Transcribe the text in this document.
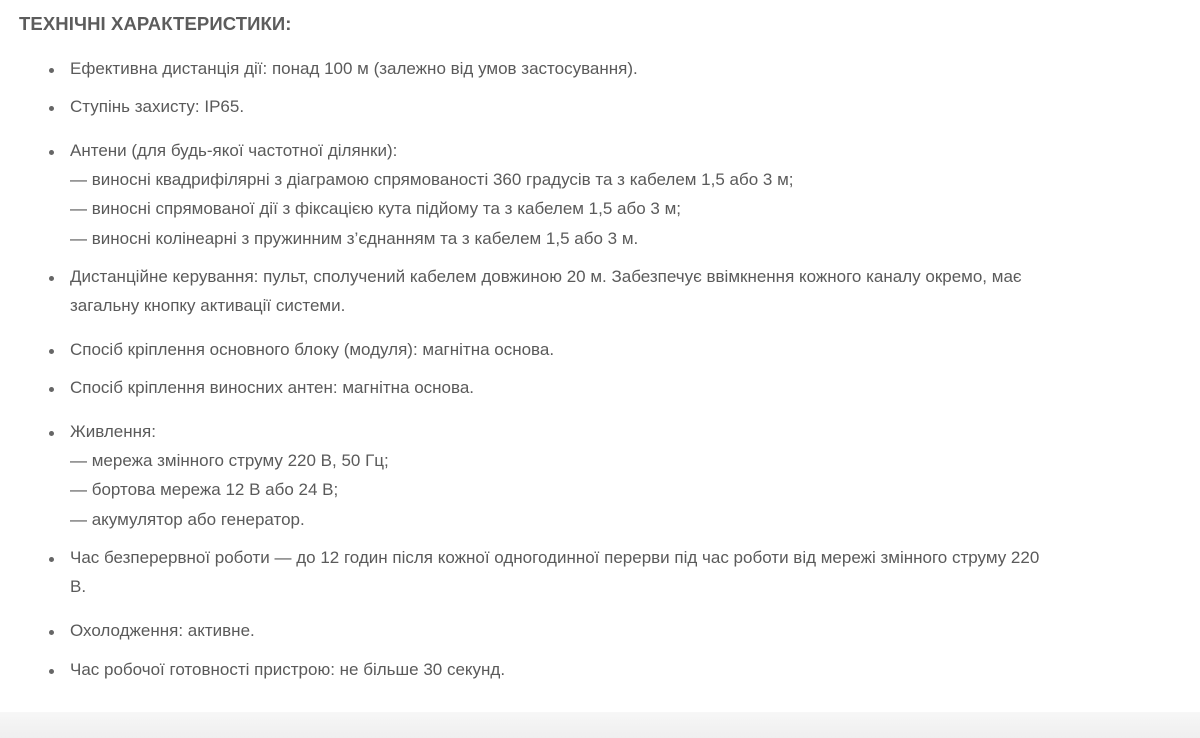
ТЕХНІЧНІ ХАРАКТЕРИСТИКИ:
Ефективна дистанція дії: понад 100 м (залежно від умов застосування).
Ступінь захисту: IP65.
Антени (для будь-якої частотної ділянки):
— виносні квадрифілярні з діаграмою спрямованості 360 градусів та з кабелем 1,5 або 3 м;
— виносні спрямованої дії з фіксацією кута підйому та з кабелем 1,5 або 3 м;
— виносні колінеарні з пружинним з’єднанням та з кабелем 1,5 або 3 м.
Дистанційне керування: пульт, сполучений кабелем довжиною 20 м. Забезпечує ввімкнення кожного каналу окремо, має
загальну кнопку активації системи.
Спосіб кріплення основного блоку (модуля): магнітна основа.
Спосіб кріплення виносних антен: магнітна основа.
Живлення:
— мережа змінного струму 220 В, 50 Гц;
— бортова мережа 12 В або 24 В;
— акумулятор або генератор.
Час безперервної роботи — до 12 годин після кожної одногодинної перерви під час роботи від мережі змінного струму 220
В.
Охолодження: активне.
Час робочої готовності пристрою: не більше 30 секунд.
